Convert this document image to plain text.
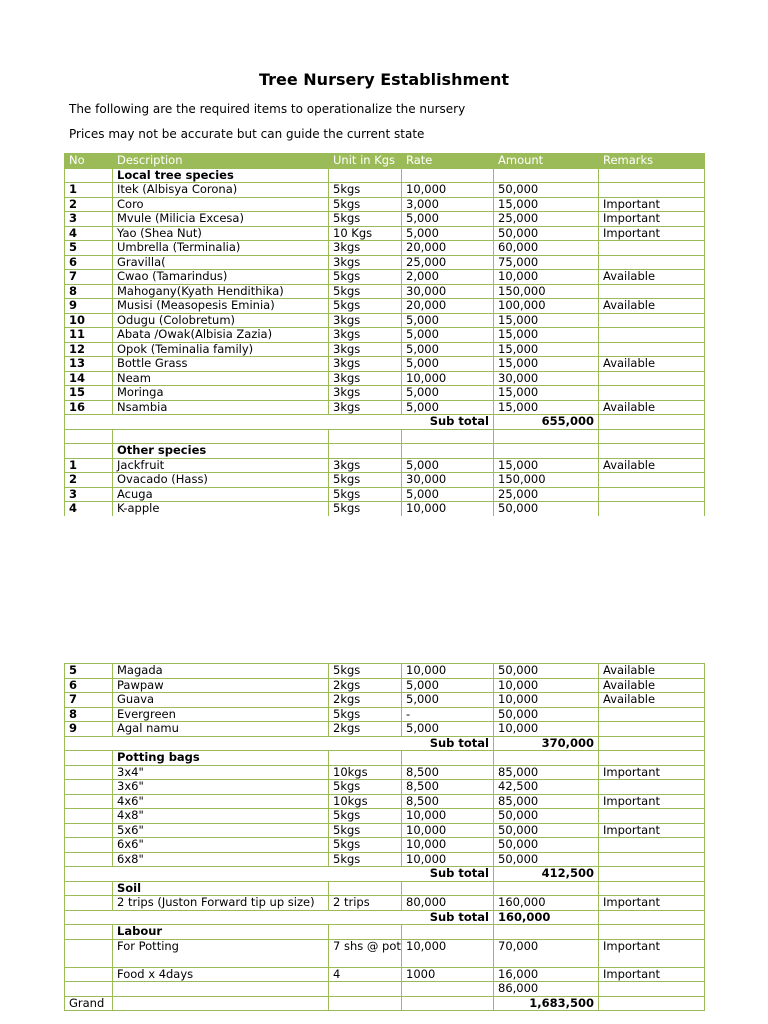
Tree Nursery Establishment

The following are the required items to operationalize the nursery

Prices may not be accurate but can guide the current state

No	Description	Unit in Kgs	Rate	Amount	Remarks
	Local tree species				
1	Itek (Albisya Corona)	5kgs	10,000	50,000	
2	Coro	5kgs	3,000	15,000	Important
3	Mvule (Milicia Excesa)	5kgs	5,000	25,000	Important
4	Yao (Shea Nut)	10 Kgs	5,000	50,000	Important
5	Umbrella (Terminalia)	3kgs	20,000	60,000	
6	Gravilla(	3kgs	25,000	75,000	
7	Cwao (Tamarindus)	5kgs	2,000	10,000	Available
8	Mahogany(Kyath Hendithika)	5kgs	30,000	150,000	
9	Musisi (Measopesis Eminia)	5kgs	20,000	100,000	Available
10	Odugu (Colobretum)	3kgs	5,000	15,000	
11	Abata /Owak(Albisia Zazia)	3kgs	5,000	15,000	
12	Opok (Teminalia family)	3kgs	5,000	15,000	
13	Bottle Grass	3kgs	5,000	15,000	Available
14	Neam	3kgs	10,000	30,000	
15	Moringa	3kgs	5,000	15,000	
16	Nsambia	3kgs	5,000	15,000	Available
Sub total				655,000	

	Other species				
1	Jackfruit	3kgs	5,000	15,000	Available
2	Ovacado (Hass)	5kgs	30,000	150,000	
3	Acuga	5kgs	5,000	25,000	
4	K-apple	5kgs	10,000	50,000	
5	Magada	5kgs	10,000	50,000	Available
6	Pawpaw	2kgs	5,000	10,000	Available
7	Guava	2kgs	5,000	10,000	Available
8	Evergreen	5kgs	-	50,000	
9	Agal namu	2kgs	5,000	10,000	
Sub total				370,000	
	Potting bags				
	3x4"	10kgs	8,500	85,000	Important
	3x6"	5kgs	8,500	42,500	
	4x6"	10kgs	8,500	85,000	Important
	4x8"	5kgs	10,000	50,000	
	5x6"	5kgs	10,000	50,000	Important
	6x6"	5kgs	10,000	50,000	
	6x8"	5kgs	10,000	50,000	
Sub total				412,500	
	Soil				
	2 trips (Juston Forward tip up size)	2 trips	80,000	160,000	Important
Sub total				160,000	
	Labour				
	For Potting	7 shs @ pot	10,000	70,000	Important
	Food x 4days	4	1000	16,000	Important
				86,000	
Grand				1,683,500	
